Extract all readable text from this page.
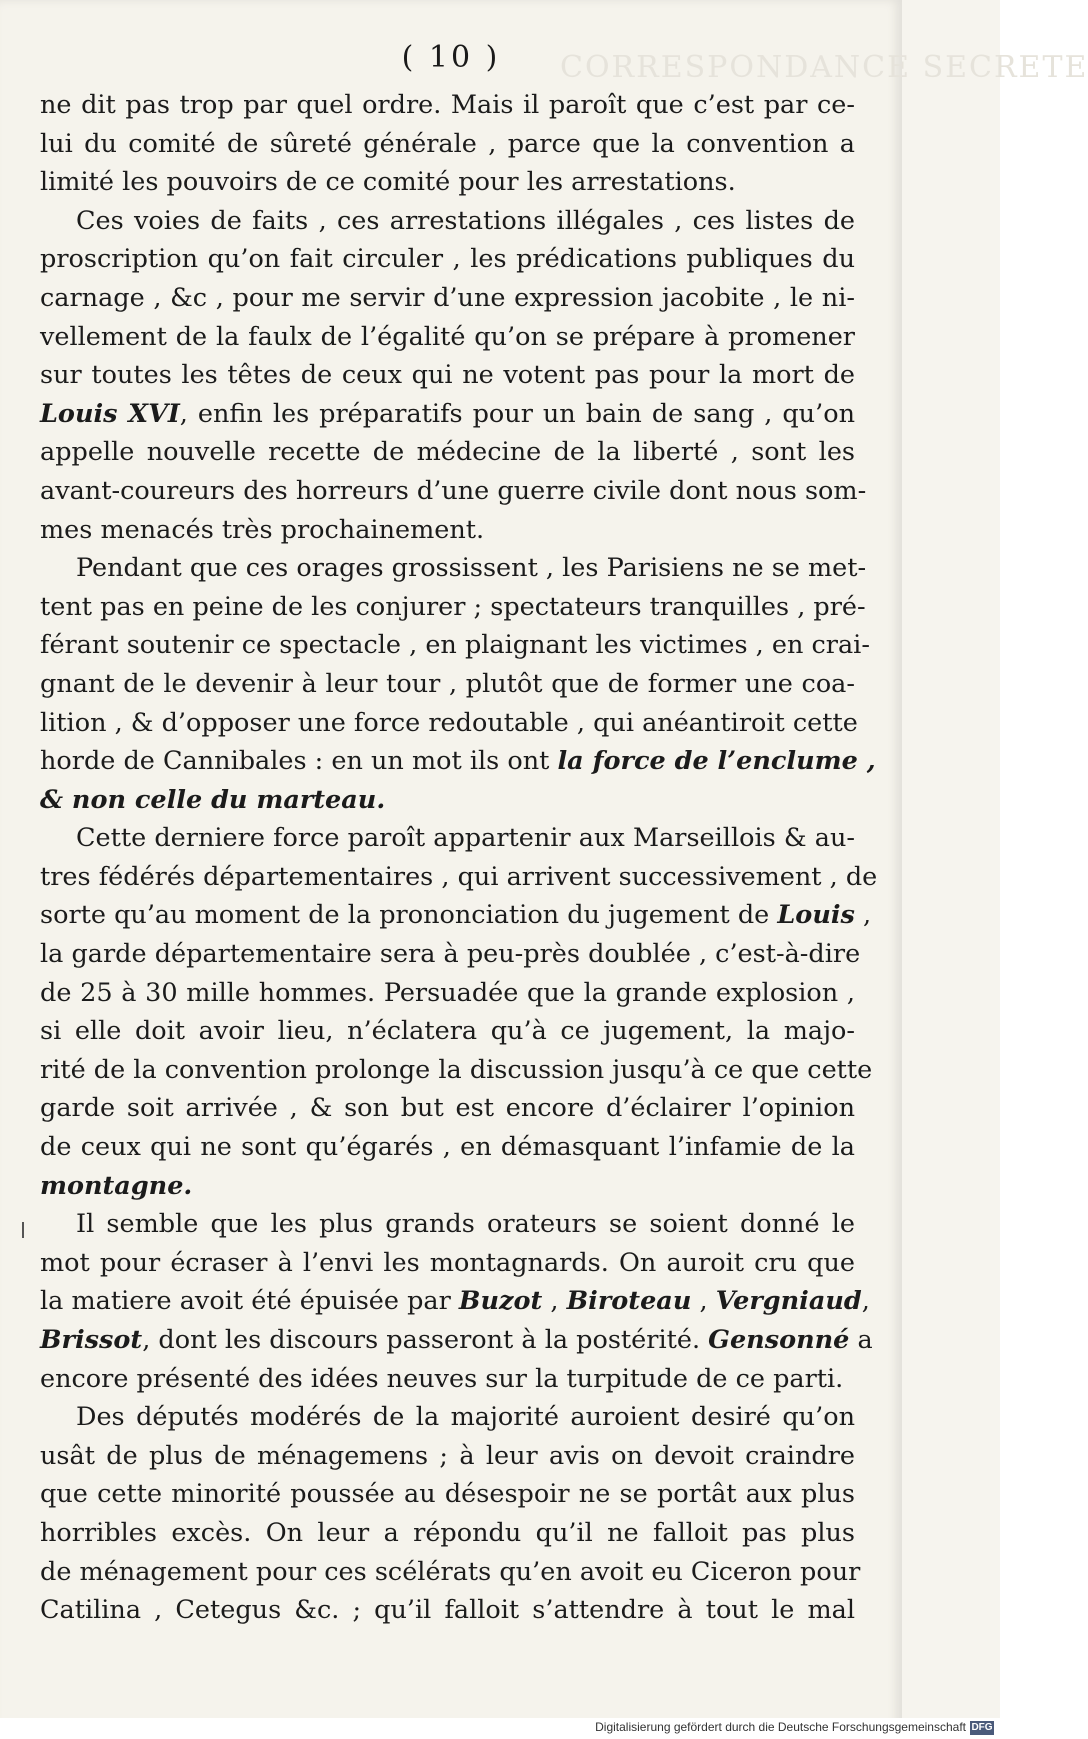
CORRESPONDANCE SECRETE
( 10 )
ne dit pas trop par quel ordre. Mais il paroît que c’est par ce-
lui du comité de sûreté générale , parce que la convention a
limité les pouvoirs de ce comité pour les arrestations.
Ces voies de faits , ces arrestations illégales , ces listes de
proscription qu’on fait circuler , les prédications publiques du
carnage , &c , pour me servir d’une expression jacobite , le ni-
vellement de la faulx de l’égalité qu’on se prépare à promener
sur toutes les têtes de ceux qui ne votent pas pour la mort de
Louis XVI, enfin les préparatifs pour un bain de sang , qu’on
appelle nouvelle recette de médecine de la liberté , sont les
avant-coureurs des horreurs d’une guerre civile dont nous som-
mes menacés très prochainement.
Pendant que ces orages grossissent , les Parisiens ne se met-
tent pas en peine de les conjurer ; spectateurs tranquilles , pré-
férant soutenir ce spectacle , en plaignant les victimes , en crai-
gnant de le devenir à leur tour , plutôt que de former une coa-
lition , & d’opposer une force redoutable , qui anéantiroit cette
horde de Cannibales : en un mot ils ont la force de l’enclume ,
& non celle du marteau.
Cette derniere force paroît appartenir aux Marseillois & au-
tres fédérés départementaires , qui arrivent successivement , de
sorte qu’au moment de la prononciation du jugement de Louis ,
la garde départementaire sera à peu-près doublée , c’est-à-dire
de 25 à 30 mille hommes. Persuadée que la grande explosion ,
si elle doit avoir lieu, n’éclatera qu’à ce jugement, la majo-
rité de la convention prolonge la discussion jusqu’à ce que cette
garde soit arrivée , & son but est encore d’éclairer l’opinion
de ceux qui ne sont qu’égarés , en démasquant l’infamie de la
montagne.
Il semble que les plus grands orateurs se soient donné le
mot pour écraser à l’envi les montagnards. On auroit cru que
la matiere avoit été épuisée par Buzot , Biroteau , Vergniaud,
Brissot, dont les discours passeront à la postérité. Gensonné a
encore présenté des idées neuves sur la turpitude de ce parti.
Des députés modérés de la majorité auroient desiré qu’on
usât de plus de ménagemens ; à leur avis on devoit craindre
que cette minorité poussée au désespoir ne se portât aux plus
horribles excès. On leur a répondu qu’il ne falloit pas plus
de ménagement pour ces scélérats qu’en avoit eu Ciceron pour
Catilina , Cetegus &c. ; qu’il falloit s’attendre à tout le mal
Digitalisierung gefördert durch die Deutsche Forschungsgemeinschaft DFG
